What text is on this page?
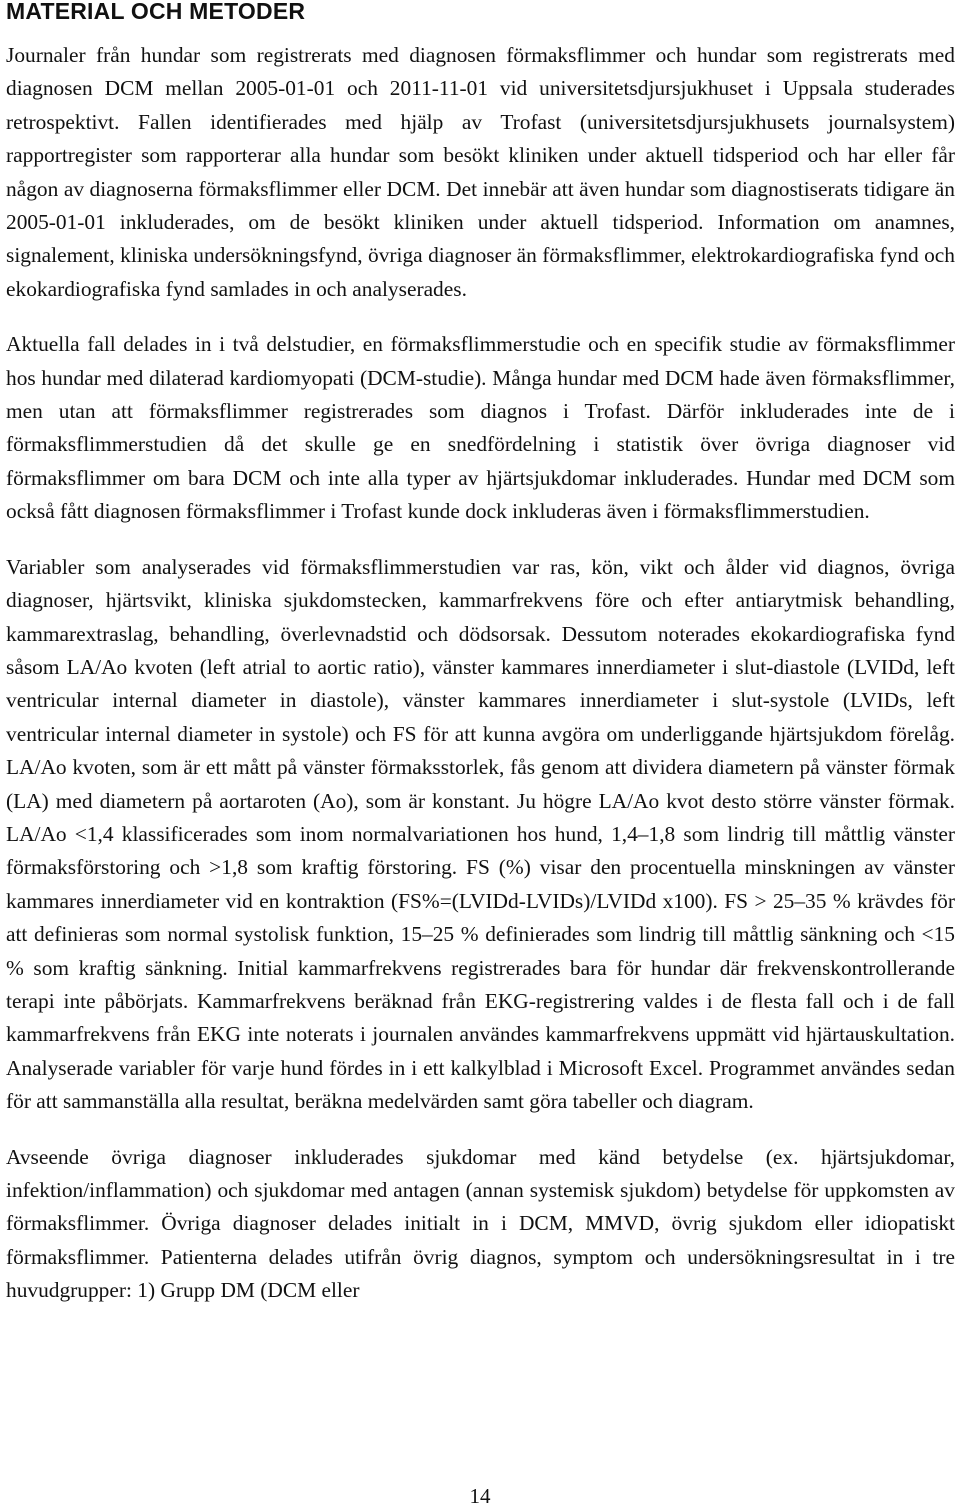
MATERIAL OCH METODER

Journaler från hundar som registrerats med diagnosen förmaksflimmer och hundar som registrerats med diagnosen DCM mellan 2005-01-01 och 2011-11-01 vid universitetsdjursjukhuset i Uppsala studerades retrospektivt. Fallen identifierades med hjälp av Trofast (universitetsdjursjukhusets journalsystem) rapportregister som rapporterar alla hundar som besökt kliniken under aktuell tidsperiod och har eller får någon av diagnoserna förmaksflimmer eller DCM. Det innebär att även hundar som diagnostiserats tidigare än 2005-01-01 inkluderades, om de besökt kliniken under aktuell tidsperiod. Information om anamnes, signalement, kliniska undersökningsfynd, övriga diagnoser än förmaksflimmer, elektrokardiografiska fynd och ekokardiografiska fynd samlades in och analyserades.

Aktuella fall delades in i två delstudier, en förmaksflimmerstudie och en specifik studie av förmaksflimmer hos hundar med dilaterad kardiomyopati (DCM-studie). Många hundar med DCM hade även förmaksflimmer, men utan att förmaksflimmer registrerades som diagnos i Trofast. Därför inkluderades inte de i förmaksflimmerstudien då det skulle ge en snedfördelning i statistik över övriga diagnoser vid förmaksflimmer om bara DCM och inte alla typer av hjärtsjukdomar inkluderades. Hundar med DCM som också fått diagnosen förmaksflimmer i Trofast kunde dock inkluderas även i förmaksflimmerstudien.

Variabler som analyserades vid förmaksflimmerstudien var ras, kön, vikt och ålder vid diagnos, övriga diagnoser, hjärtsvikt, kliniska sjukdomstecken, kammarfrekvens före och efter antiarytmisk behandling, kammarextraslag, behandling, överlevnadstid och dödsorsak. Dessutom noterades ekokardiografiska fynd såsom LA/Ao kvoten (left atrial to aortic ratio), vänster kammares innerdiameter i slut-diastole (LVIDd, left ventricular internal diameter in diastole), vänster kammares innerdiameter i slut-systole (LVIDs, left ventricular internal diameter in systole) och FS för att kunna avgöra om underliggande hjärtsjukdom förelåg. LA/Ao kvoten, som är ett mått på vänster förmaksstorlek, fås genom att dividera diametern på vänster förmak (LA) med diametern på aortaroten (Ao), som är konstant. Ju högre LA/Ao kvot desto större vänster förmak. LA/Ao <1,4 klassificerades som inom normalvariationen hos hund, 1,4–1,8 som lindrig till måttlig vänster förmaksförstoring och >1,8 som kraftig förstoring. FS (%) visar den procentuella minskningen av vänster kammares innerdiameter vid en kontraktion (FS%=(LVIDd-LVIDs)/LVIDd x100). FS > 25–35 % krävdes för att definieras som normal systolisk funktion, 15–25 % definierades som lindrig till måttlig sänkning och <15 % som kraftig sänkning. Initial kammarfrekvens registrerades bara för hundar där frekvenskontrollerande terapi inte påbörjats. Kammarfrekvens beräknad från EKG-registrering valdes i de flesta fall och i de fall kammarfrekvens från EKG inte noterats i journalen användes kammarfrekvens uppmätt vid hjärtauskultation. Analyserade variabler för varje hund fördes in i ett kalkylblad i Microsoft Excel. Programmet användes sedan för att sammanställa alla resultat, beräkna medelvärden samt göra tabeller och diagram.

Avseende övriga diagnoser inkluderades sjukdomar med känd betydelse (ex. hjärtsjukdomar, infektion/inflammation) och sjukdomar med antagen (annan systemisk sjukdom) betydelse för uppkomsten av förmaksflimmer. Övriga diagnoser delades initialt in i DCM, MMVD, övrig sjukdom eller idiopatiskt förmaksflimmer. Patienterna delades utifrån övrig diagnos, symptom och undersökningsresultat in i tre huvudgrupper: 1) Grupp DM (DCM eller

14
